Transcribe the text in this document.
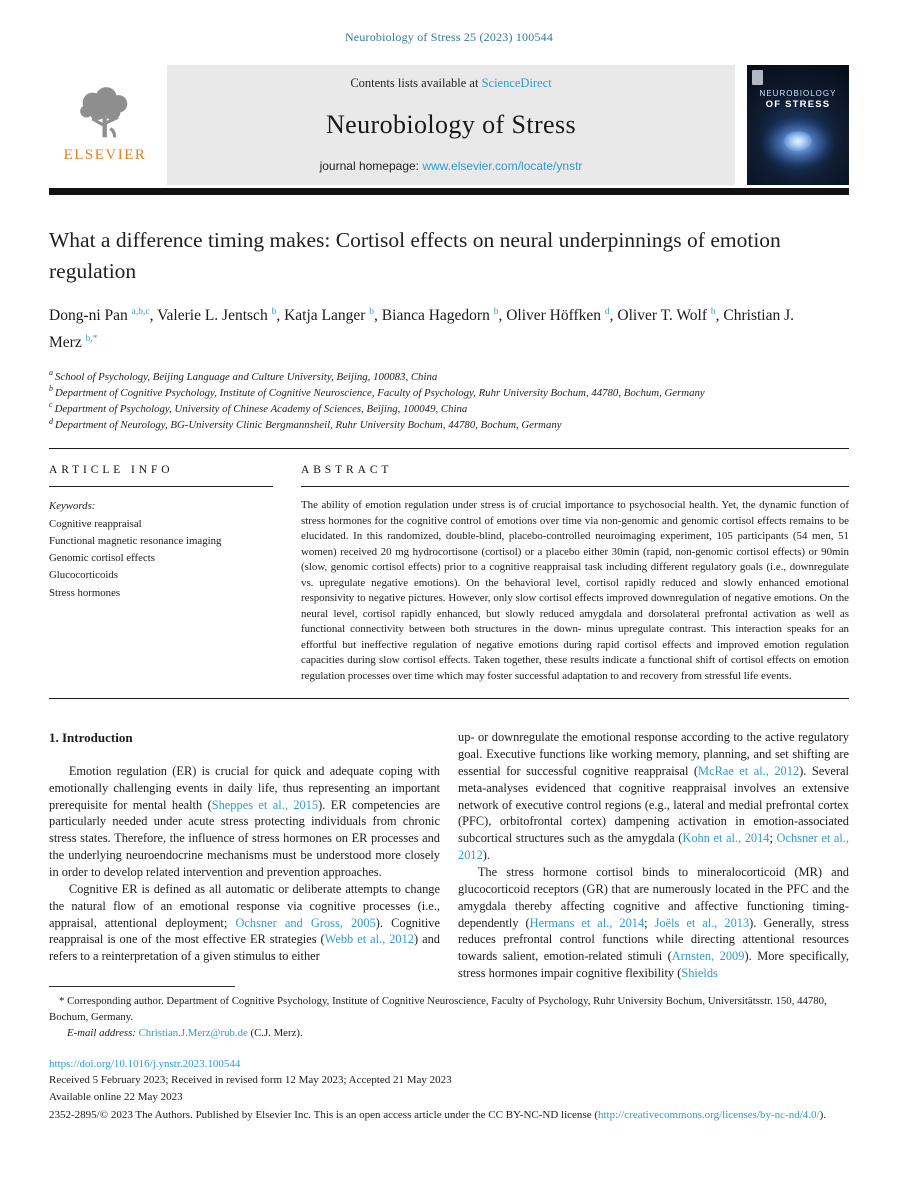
Neurobiology of Stress 25 (2023) 100544
ELSEVIER
Contents lists available at ScienceDirect
Neurobiology of Stress
journal homepage: www.elsevier.com/locate/ynstr
NEUROBIOLOGY
OF STRESS
What a difference timing makes: Cortisol effects on neural underpinnings of emotion regulation
Dong-ni Pan $^{a,b,c}$, Valerie L. Jentsch $^b$, Katja Langer $^b$, Bianca Hagedorn $^b$, Oliver Höffken $^d$, Oliver T. Wolf $^b$, Christian J. Merz $^{b,*}$
$^a$ School of Psychology, Beijing Language and Culture University, Beijing, 100083, China
$^b$ Department of Cognitive Psychology, Institute of Cognitive Neuroscience, Faculty of Psychology, Ruhr University Bochum, 44780, Bochum, Germany
$^c$ Department of Psychology, University of Chinese Academy of Sciences, Beijing, 100049, China
$^d$ Department of Neurology, BG-University Clinic Bergmannsheil, Ruhr University Bochum, 44780, Bochum, Germany
ARTICLE INFO
Keywords:
Cognitive reappraisal
Functional magnetic resonance imaging
Genomic cortisol effects
Glucocorticoids
Stress hormones
ABSTRACT
The ability of emotion regulation under stress is of crucial importance to psychosocial health. Yet, the dynamic function of stress hormones for the cognitive control of emotions over time via non-genomic and genomic cortisol effects remains to be elucidated. In this randomized, double-blind, placebo-controlled neuroimaging experiment, 105 participants (54 men, 51 women) received 20 mg hydrocortisone (cortisol) or a placebo either 30min (rapid, non-genomic cortisol effects) or 90min (slow, genomic cortisol effects) prior to a cognitive reappraisal task including different regulatory goals (i.e., downregulate vs. upregulate negative emotions). On the behavioral level, cortisol rapidly reduced and slowly enhanced emotional responsivity to negative pictures. However, only slow cortisol effects improved downregulation of negative emotions. On the neural level, cortisol rapidly enhanced, but slowly reduced amygdala and dorsolateral prefrontal activation as well as functional connectivity between both structures in the down- minus upregulate contrast. This interaction speaks for an effortful but ineffective regulation of negative emotions during rapid cortisol effects and improved emotion regulation capacities during slow cortisol effects. Taken together, these results indicate a functional shift of cortisol effects on emotion regulation processes over time which may foster successful adaptation to and recovery from stressful life events.
1. Introduction

Emotion regulation (ER) is crucial for quick and adequate coping with emotionally challenging events in daily life, thus representing an important prerequisite for mental health (Sheppes et al., 2015). ER competencies are particularly needed under acute stress protecting individuals from chronic stress states. Therefore, the influence of stress hormones on ER processes and the underlying neuroendocrine mechanisms must be understood more closely in order to develop related intervention and prevention approaches.

Cognitive ER is defined as all automatic or deliberate attempts to change the natural flow of an emotional response via cognitive processes (i.e., appraisal, attentional deployment; Ochsner and Gross, 2005). Cognitive reappraisal is one of the most effective ER strategies (Webb et al., 2012) and refers to a reinterpretation of a given stimulus to either

up- or downregulate the emotional response according to the active regulatory goal. Executive functions like working memory, planning, and set shifting are essential for successful cognitive reappraisal (McRae et al., 2012). Several meta-analyses evidenced that cognitive reappraisal involves an extensive network of executive control regions (e.g., lateral and medial prefrontal cortex (PFC), orbitofrontal cortex) dampening activation in emotion-associated subcortical structures such as the amygdala (Kohn et al., 2014; Ochsner et al., 2012).

The stress hormone cortisol binds to mineralocorticoid (MR) and glucocorticoid receptors (GR) that are numerously located in the PFC and the amygdala thereby affecting cognitive and affective functioning timing-dependently (Hermans et al., 2014; Joëls et al., 2013). Generally, stress reduces prefrontal control functions while directing attentional resources towards salient, emotion-related stimuli (Arnsten, 2009). More specifically, stress hormones impair cognitive flexibility (Shields

* Corresponding author. Department of Cognitive Psychology, Institute of Cognitive Neuroscience, Faculty of Psychology, Ruhr University Bochum, Universitätsstr. 150, 44780, Bochum, Germany.
E-mail address: Christian.J.Merz@rub.de (C.J. Merz).
https://doi.org/10.1016/j.ynstr.2023.100544
Received 5 February 2023; Received in revised form 12 May 2023; Accepted 21 May 2023
Available online 22 May 2023
2352-2895/© 2023 The Authors. Published by Elsevier Inc. This is an open access article under the CC BY-NC-ND license (http://creativecommons.org/licenses/by-nc-nd/4.0/).
